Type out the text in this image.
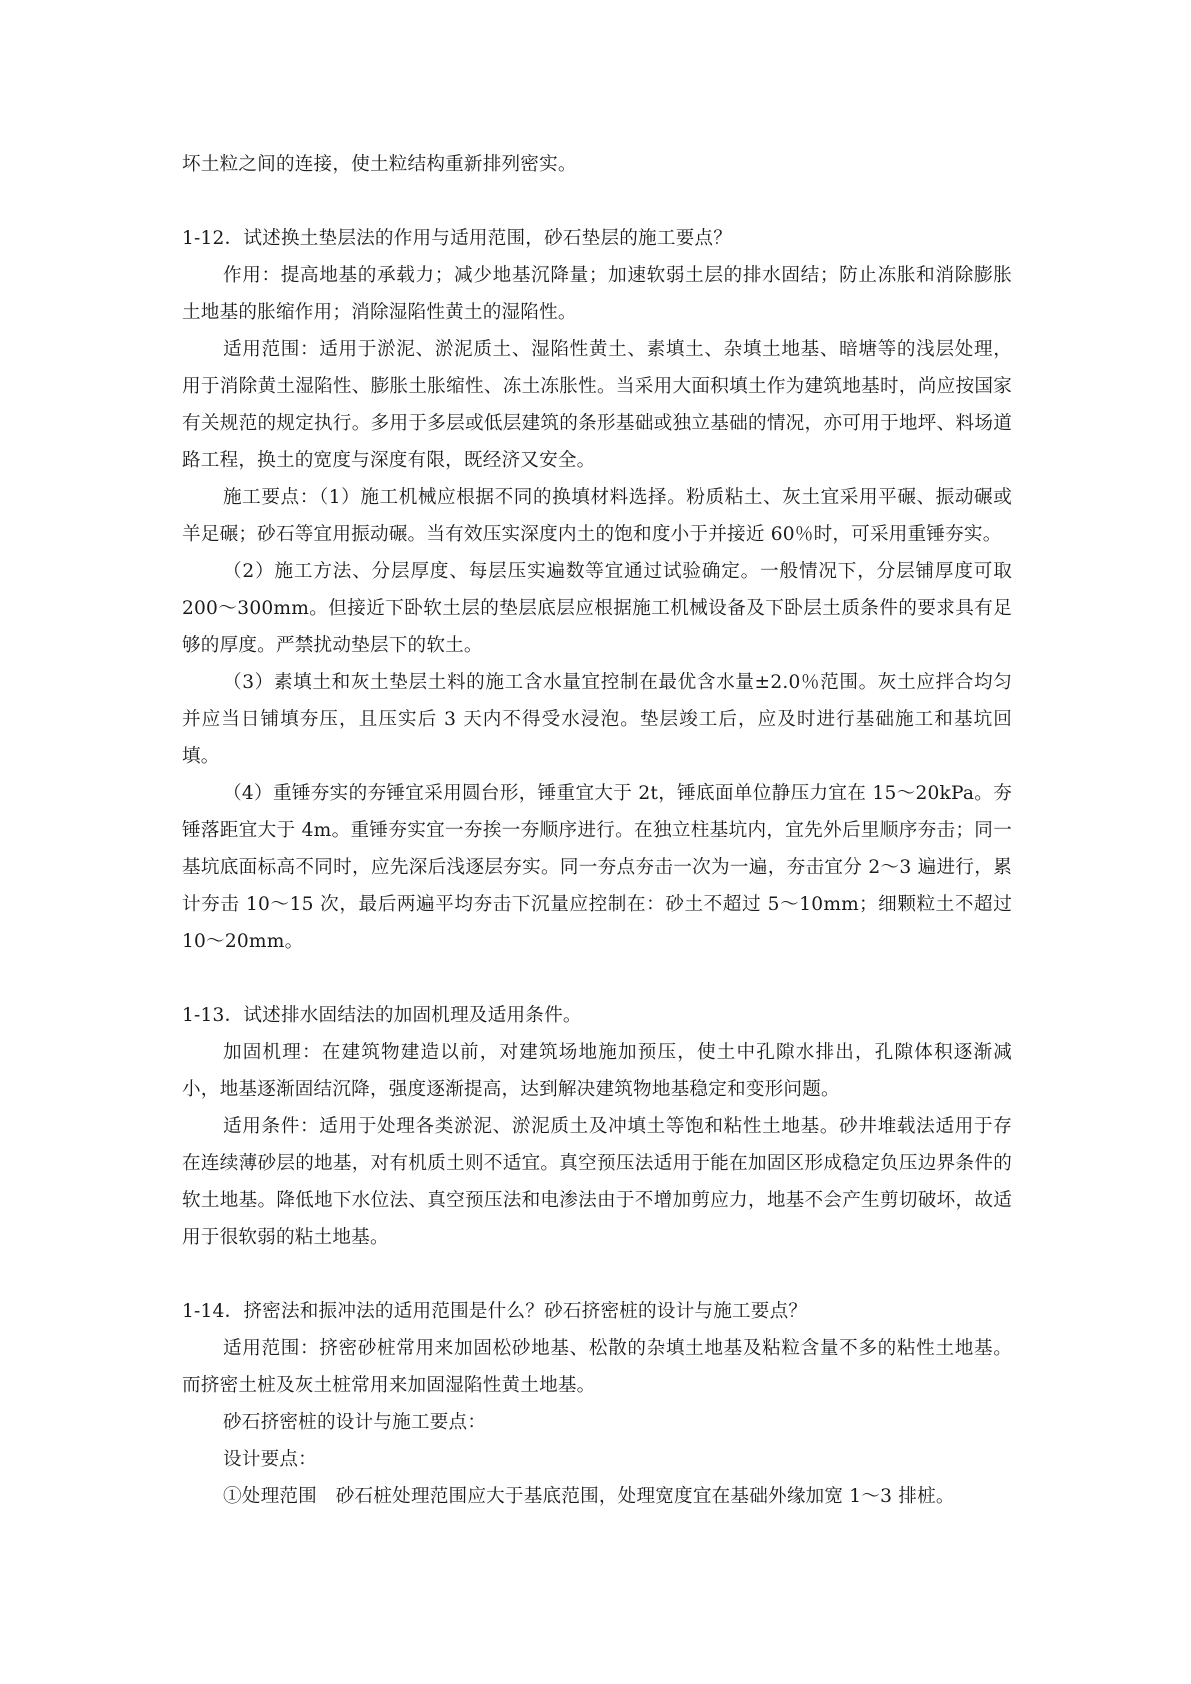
坏土粒之间的连接，使土粒结构重新排列密实。

1-12．试述换土垫层法的作用与适用范围，砂石垫层的施工要点？

作用：提高地基的承载力；减少地基沉降量；加速软弱土层的排水固结；防止冻胀和消除膨胀土地基的胀缩作用；消除湿陷性黄土的湿陷性。

适用范围：适用于淤泥、淤泥质土、湿陷性黄土、素填土、杂填土地基、暗塘等的浅层处理，用于消除黄土湿陷性、膨胀土胀缩性、冻土冻胀性。当采用大面积填土作为建筑地基时，尚应按国家有关规范的规定执行。多用于多层或低层建筑的条形基础或独立基础的情况，亦可用于地坪、料场道路工程，换土的宽度与深度有限，既经济又安全。

施工要点：（1）施工机械应根据不同的换填材料选择。粉质粘土、灰土宜采用平碾、振动碾或羊足碾；砂石等宜用振动碾。当有效压实深度内土的饱和度小于并接近 60％时，可采用重锤夯实。

（2）施工方法、分层厚度、每层压实遍数等宜通过试验确定。一般情况下，分层铺厚度可取 200～300mm。但接近下卧软土层的垫层底层应根据施工机械设备及下卧层土质条件的要求具有足够的厚度。严禁扰动垫层下的软土。

（3）素填土和灰土垫层土料的施工含水量宜控制在最优含水量±2.0％范围。灰土应拌合均匀并应当日铺填夯压，且压实后 3 天内不得受水浸泡。垫层竣工后，应及时进行基础施工和基坑回填。

（4）重锤夯实的夯锤宜采用圆台形，锤重宜大于 2t，锤底面单位静压力宜在 15～20kPa。夯锤落距宜大于 4m。重锤夯实宜一夯挨一夯顺序进行。在独立柱基坑内，宜先外后里顺序夯击；同一基坑底面标高不同时，应先深后浅逐层夯实。同一夯点夯击一次为一遍，夯击宜分 2～3 遍进行，累计夯击 10～15 次，最后两遍平均夯击下沉量应控制在：砂土不超过 5～10mm；细颗粒土不超过 10～20mm。

1-13．试述排水固结法的加固机理及适用条件。

加固机理：在建筑物建造以前，对建筑场地施加预压，使土中孔隙水排出，孔隙体积逐渐减小，地基逐渐固结沉降，强度逐渐提高，达到解决建筑物地基稳定和变形问题。

适用条件：适用于处理各类淤泥、淤泥质土及冲填土等饱和粘性土地基。砂井堆载法适用于存在连续薄砂层的地基，对有机质土则不适宜。真空预压法适用于能在加固区形成稳定负压边界条件的软土地基。降低地下水位法、真空预压法和电渗法由于不增加剪应力，地基不会产生剪切破坏，故适用于很软弱的粘土地基。

1-14．挤密法和振冲法的适用范围是什么？砂石挤密桩的设计与施工要点？

适用范围：挤密砂桩常用来加固松砂地基、松散的杂填土地基及粘粒含量不多的粘性土地基。而挤密土桩及灰土桩常用来加固湿陷性黄土地基。

砂石挤密桩的设计与施工要点：

设计要点：

①处理范围　砂石桩处理范围应大于基底范围，处理宽度宜在基础外缘加宽 1～3 排桩。
